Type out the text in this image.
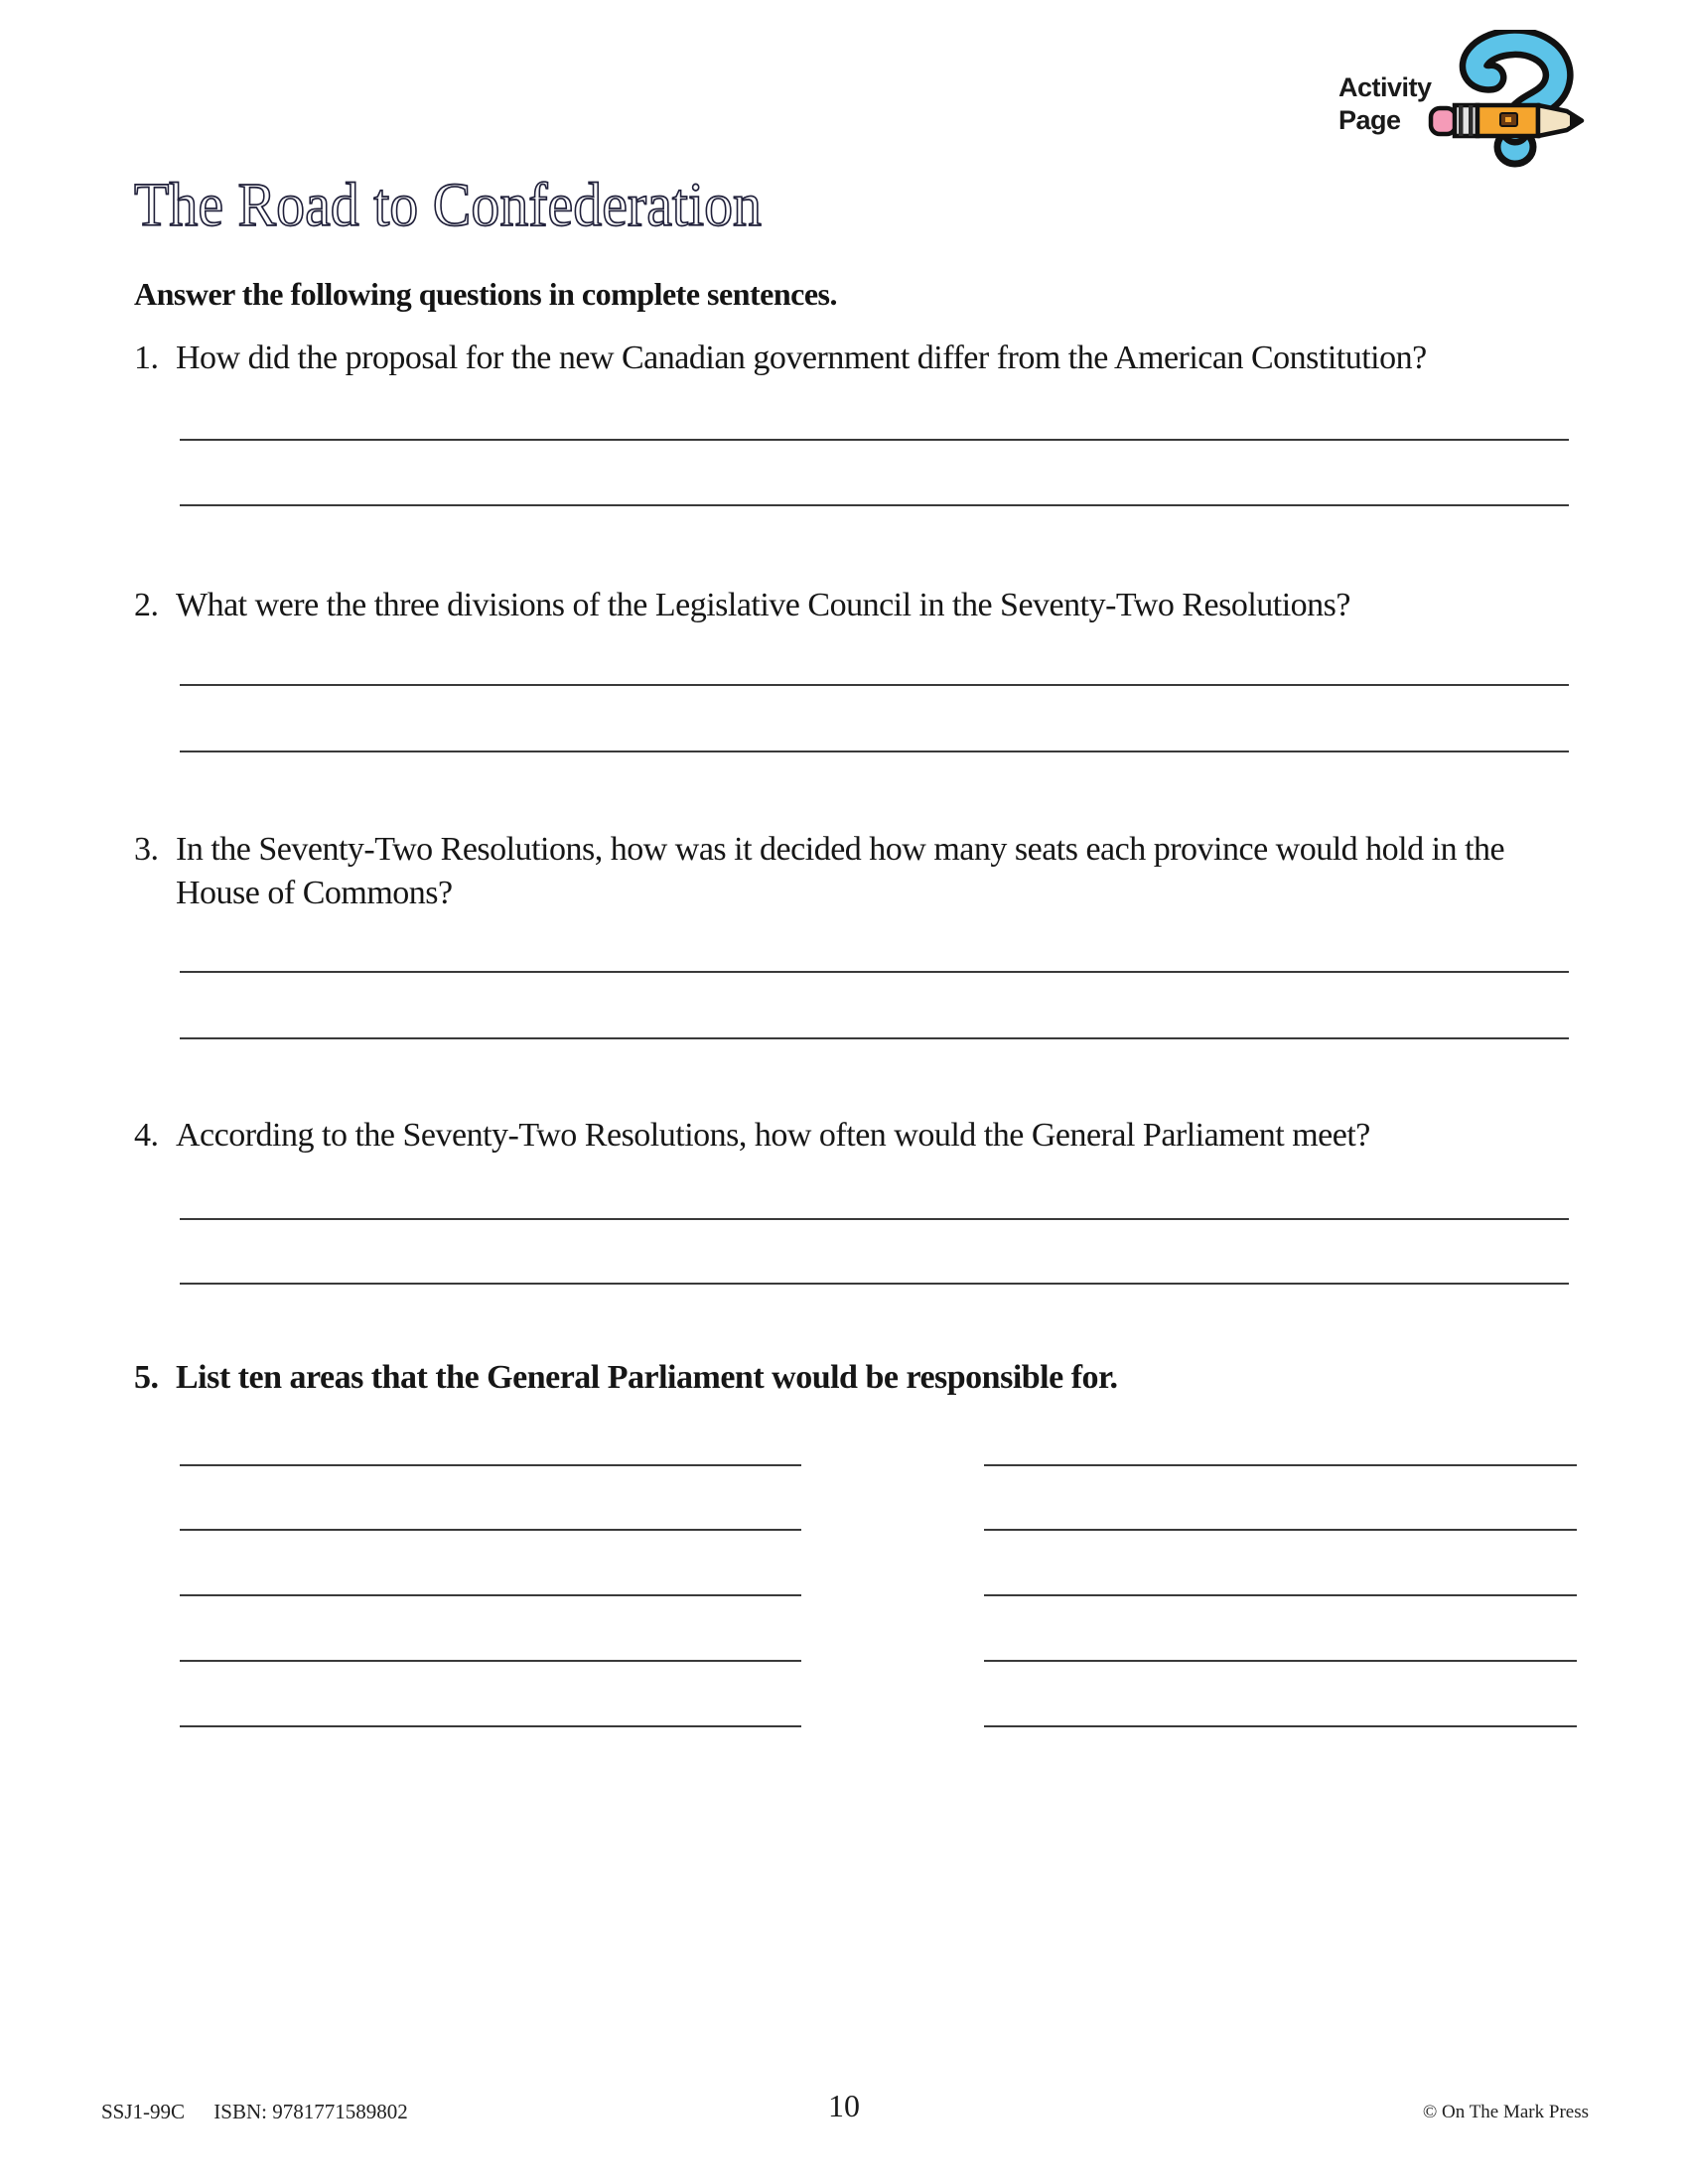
Activity
Page
The Road to Confederation
Answer the following questions in complete sentences.
1. How did the proposal for the new Canadian government differ from the American Constitution?
2. What were the three divisions of the Legislative Council in the Seventy-Two Resolutions?
3. In the Seventy-Two Resolutions, how was it decided how many seats each province would hold in the House of Commons?
4. According to the Seventy-Two Resolutions, how often would the General Parliament meet?
5. List ten areas that the General Parliament would be responsible for.
SSJ1-99C ISBN: 9781771589802	10	© On The Mark Press
